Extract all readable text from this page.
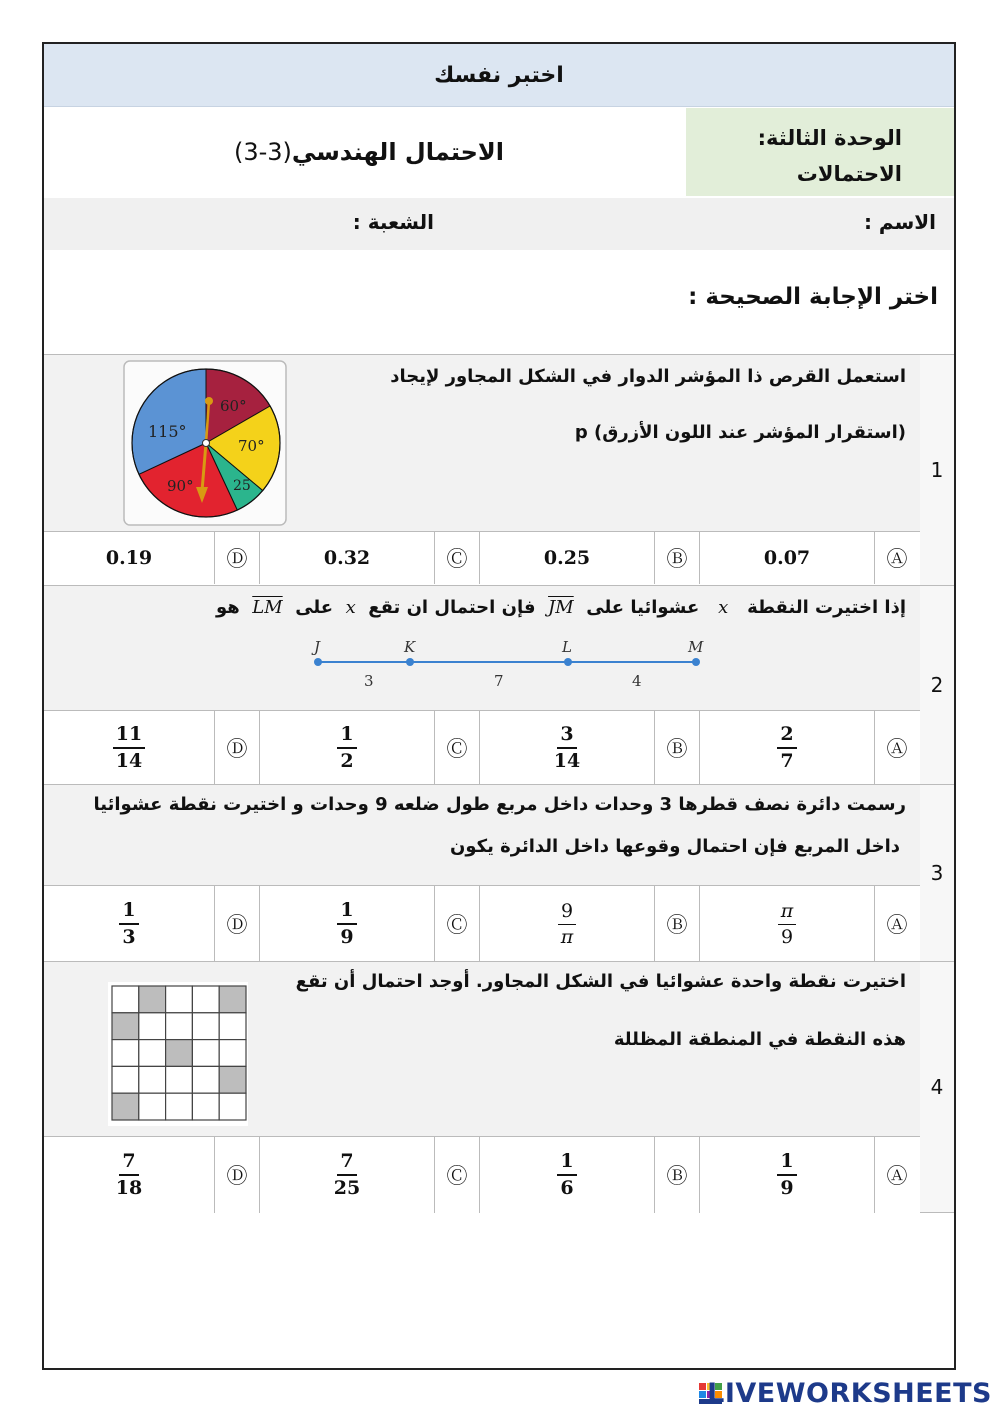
اختبر نفسك
الاحتمال الهندسي
(3-3)	الوحدة الثالثة:
الاحتمالات
الاسم :
الشعبة :
اختر الإجابة الصحيحة :
استعمل القرص ذا المؤشر الدوار في الشكل المجاور لإيجاد
(استقرار المؤشر عند اللون الأزرق) p
60°
70°
25
90°
115°
1
0.19	Ⓓ	0.32	Ⓒ	0.25	Ⓑ	0.07	Ⓐ
إذا اختيرت النقطة   x   عشوائيا على  JM  فإن احتمال ان تقع  x  على  LM  هو
J	K	L	M
3	7	4	2
$\frac{11}{14}$	Ⓓ	$\frac{1}{2}$	Ⓒ	$\frac{3}{14}$	Ⓑ	$\frac{2}{7}$	Ⓐ
رسمت دائرة نصف قطرها 3 وحدات داخل مربع طول ضلعه 9 وحدات و اختيرت نقطة عشوائيا
داخل المربع فإن احتمال وقوعها داخل الدائرة يكون
3
$\frac{1}{3}$	Ⓓ	$\frac{1}{9}$	Ⓒ	$\frac{9}{\pi}$	Ⓑ	$\frac{\pi}{9}$	Ⓐ
اختيرت نقطة واحدة عشوائيا في الشكل المجاور. أوجد احتمال أن تقع
هذه النقطة في المنطقة المظللة
4
$\frac{7}{18}$	Ⓓ	$\frac{7}{25}$	Ⓒ	$\frac{1}{6}$	Ⓑ	$\frac{1}{9}$	Ⓐ
LIVEWORKSHEETS
